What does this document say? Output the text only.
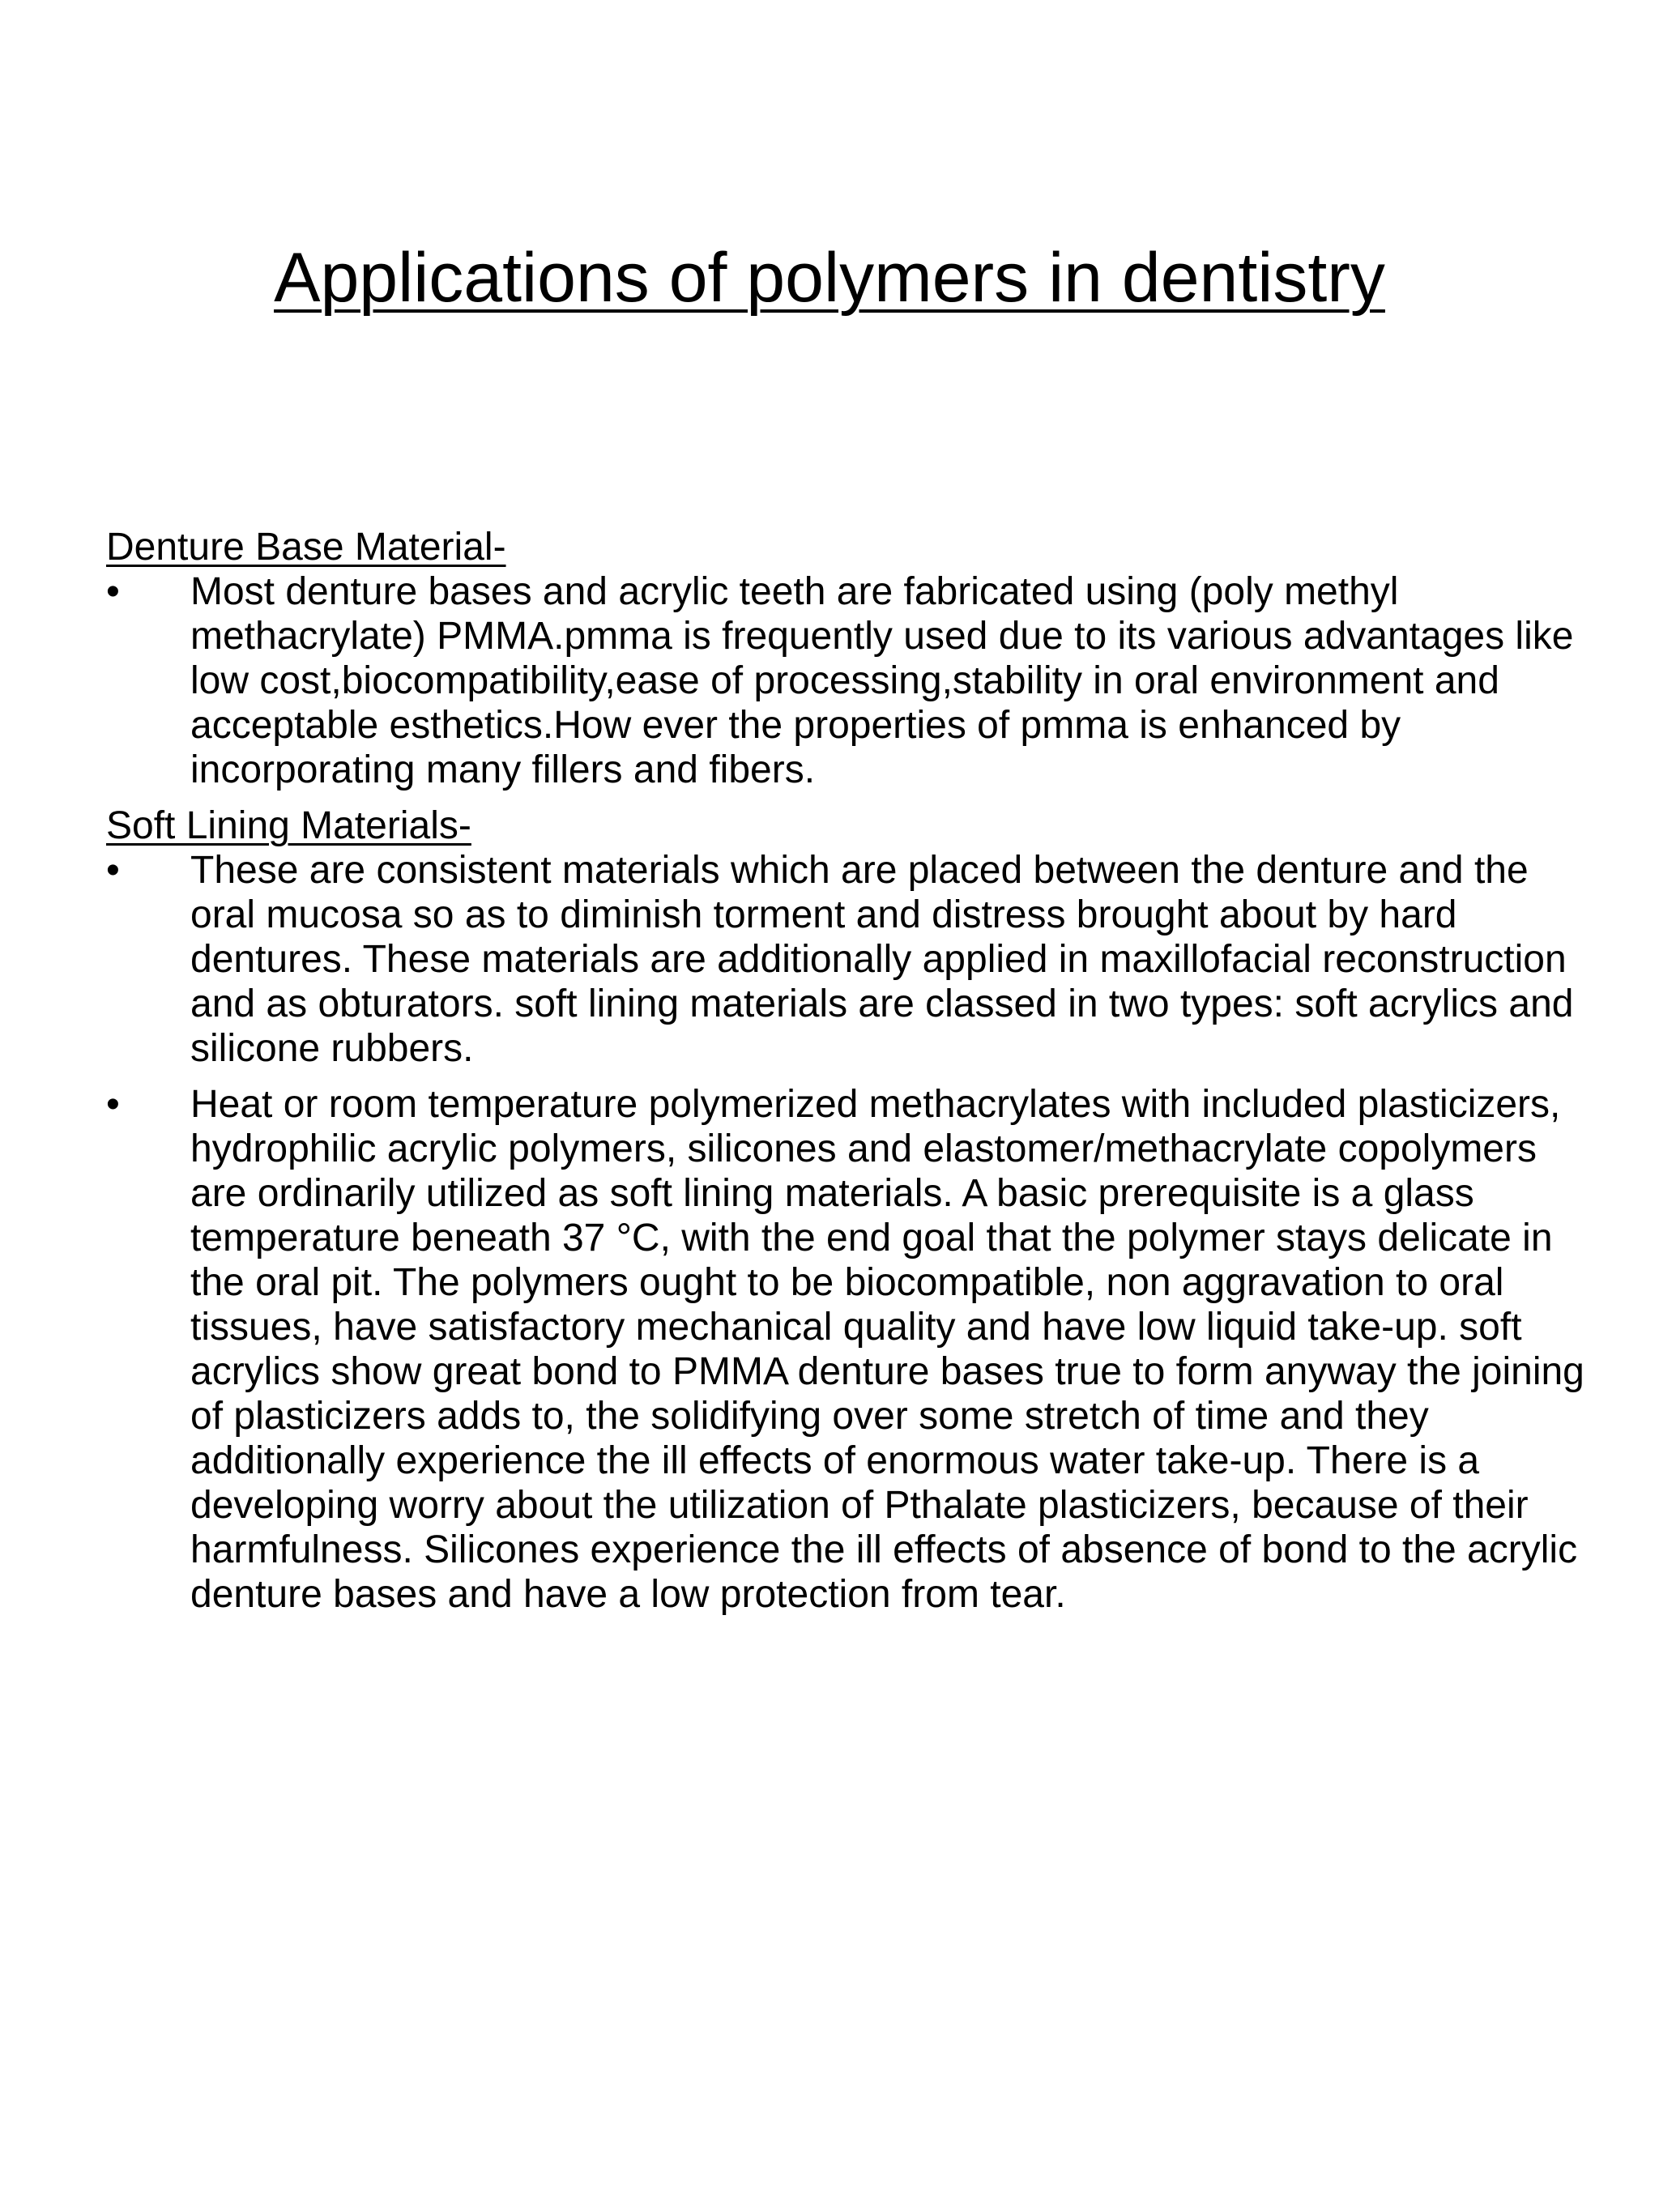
Applications of polymers in dentistry

Denture Base Material-

•	Most denture bases and acrylic teeth are fabricated using (poly methyl methacrylate) PMMA.pmma is frequently used due to its various advantages like low cost,biocompatibility,ease of processing,stability in oral environment and acceptable esthetics.How ever the properties of pmma is enhanced by incorporating many fillers and fibers.

Soft Lining Materials-

•	These are consistent materials which are placed between the denture and the oral mucosa so as to diminish torment and distress brought about by hard dentures. These materials are additionally applied in maxillofacial reconstruction and as obturators. soft lining materials are classed in two types: soft acrylics and silicone rubbers.
•	Heat or room temperature polymerized methacrylates with included plasticizers, hydrophilic acrylic polymers, silicones and elastomer/methacrylate copolymers are ordinarily utilized as soft lining materials. A basic prerequisite is a glass temperature beneath 37 °C, with the end goal that the polymer stays delicate in the oral pit. The polymers ought to be biocompatible, non aggravation to oral tissues, have satisfactory mechanical quality and have low liquid take-up. soft acrylics show great bond to PMMA denture bases true to form anyway the joining of plasticizers adds to, the solidifying over some stretch of time and they additionally experience the ill effects of enormous water take-up. There is a developing worry about the utilization of Pthalate plasticizers, because of their harmfulness. Silicones experience the ill effects of absence of bond to the acrylic denture bases and have a low protection from tear.
